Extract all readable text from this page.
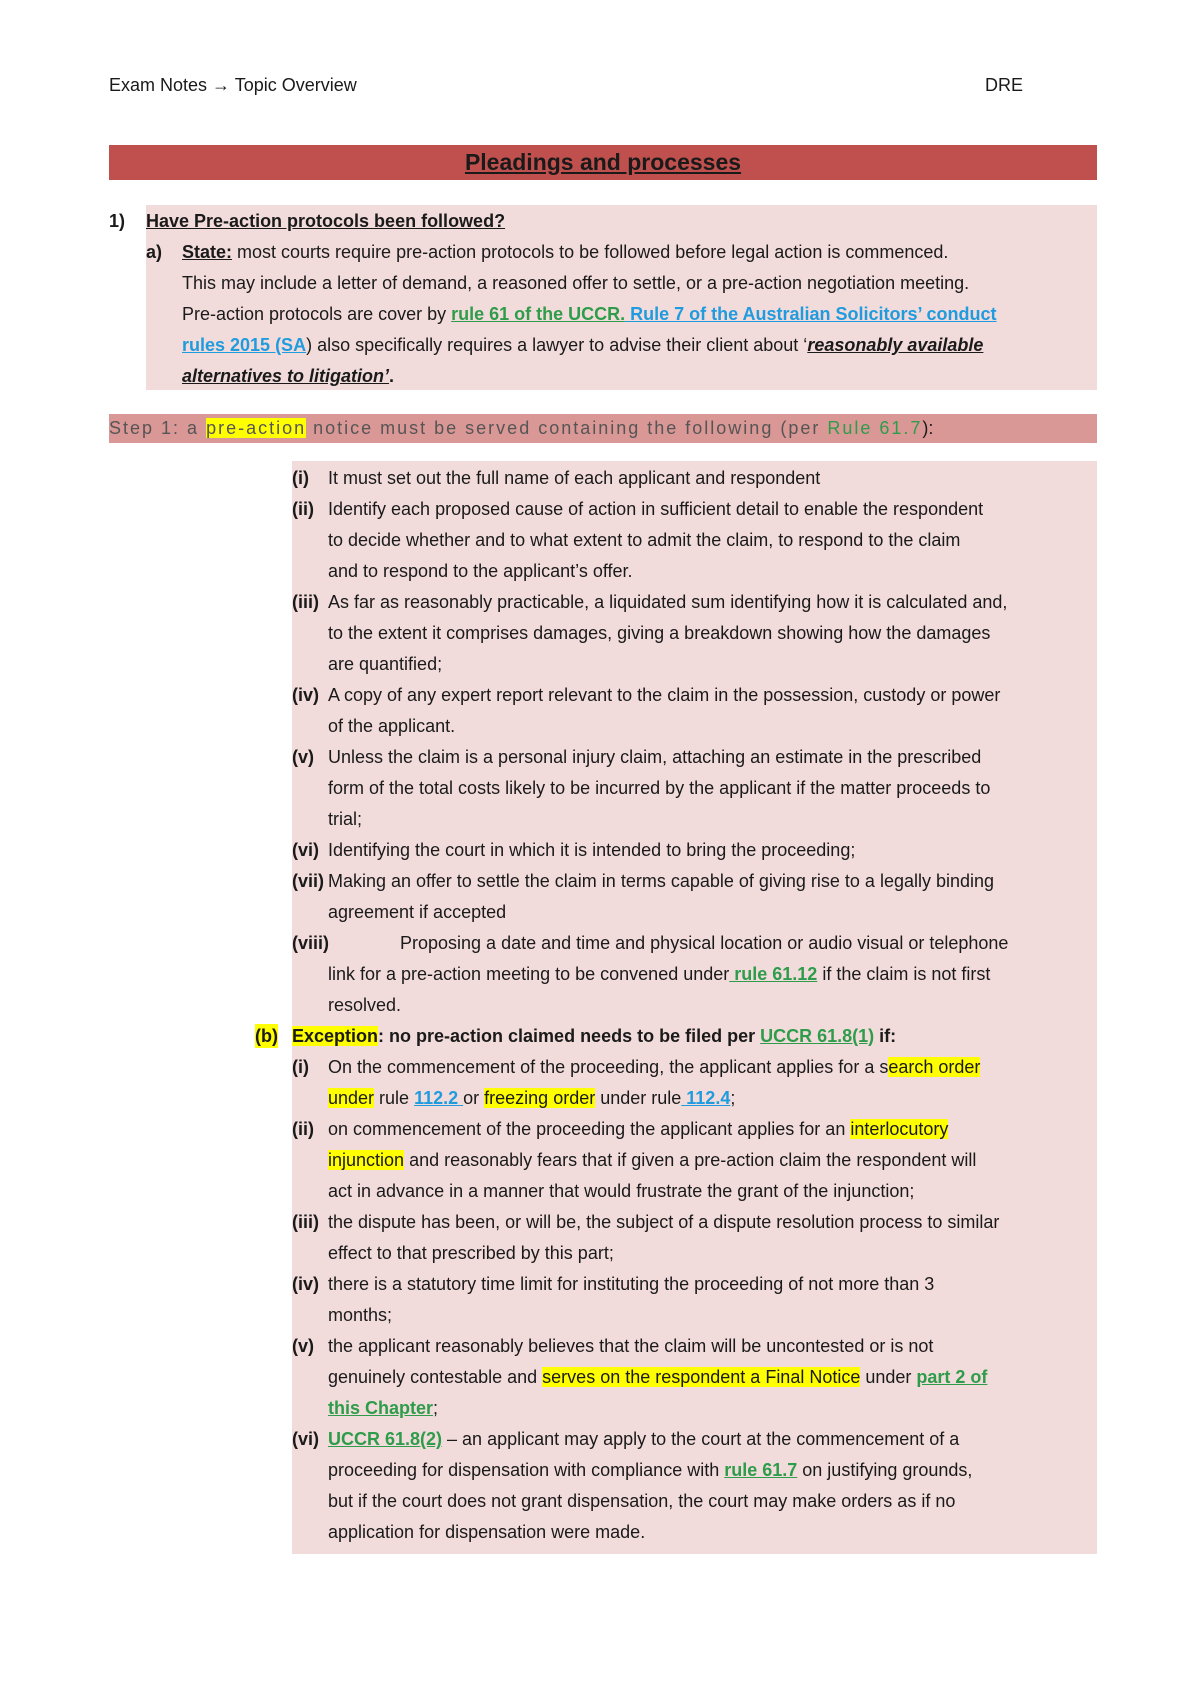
Exam Notes → Topic Overview	DRE
Pleadings and processes
1) Have Pre-action protocols been followed?
a) State: most courts require pre-action protocols to be followed before legal action is commenced.
This may include a letter of demand, a reasoned offer to settle, or a pre-action negotiation meeting.
Pre-action protocols are cover by rule 61 of the UCCR. Rule 7 of the Australian Solicitors’ conduct
rules 2015 (SA) also specifically requires a lawyer to advise their client about ‘reasonably available
alternatives to litigation’.
Step 1: a pre-action notice must be served containing the following (per Rule 61.7):
(i) It must set out the full name of each applicant and respondent
(ii) Identify each proposed cause of action in sufficient detail to enable the respondent
to decide whether and to what extent to admit the claim, to respond to the claim
and to respond to the applicant’s offer.
(iii) As far as reasonably practicable, a liquidated sum identifying how it is calculated and,
to the extent it comprises damages, giving a breakdown showing how the damages
are quantified;
(iv) A copy of any expert report relevant to the claim in the possession, custody or power
of the applicant.
(v) Unless the claim is a personal injury claim, attaching an estimate in the prescribed
form of the total costs likely to be incurred by the applicant if the matter proceeds to
trial;
(vi) Identifying the court in which it is intended to bring the proceeding;
(vii) Making an offer to settle the claim in terms capable of giving rise to a legally binding
agreement if accepted
(viii)	Proposing a date and time and physical location or audio visual or telephone
link for a pre-action meeting to be convened under rule 61.12 if the claim is not first
resolved.
(b) Exception: no pre-action claimed needs to be filed per UCCR 61.8(1) if:
(i) On the commencement of the proceeding, the applicant applies for a search order
under rule 112.2 or freezing order under rule 112.4;
(ii) on commencement of the proceeding the applicant applies for an interlocutory
injunction and reasonably fears that if given a pre-action claim the respondent will
act in advance in a manner that would frustrate the grant of the injunction;
(iii) the dispute has been, or will be, the subject of a dispute resolution process to similar
effect to that prescribed by this part;
(iv) there is a statutory time limit for instituting the proceeding of not more than 3
months;
(v) the applicant reasonably believes that the claim will be uncontested or is not
genuinely contestable and serves on the respondent a Final Notice under part 2 of
this Chapter;
(vi) UCCR 61.8(2) – an applicant may apply to the court at the commencement of a
proceeding for dispensation with compliance with rule 61.7 on justifying grounds,
but if the court does not grant dispensation, the court may make orders as if no
application for dispensation were made.
